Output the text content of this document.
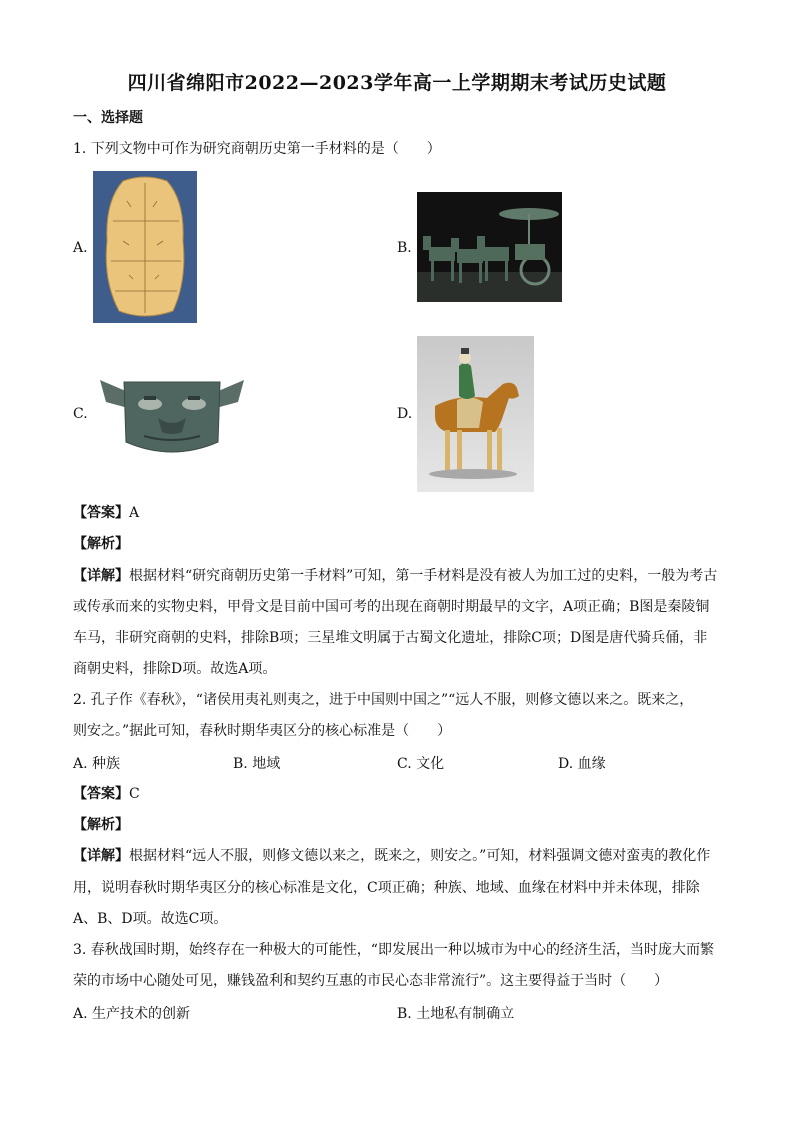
四川省绵阳市2022—2023学年高一上学期期末考试历史试题
一、选择题
1. 下列文物中可作为研究商朝历史第一手材料的是（　　）
A.	B.
C.	D.
【答案】A
【解析】
【详解】根据材料“研究商朝历史第一手材料”可知，第一手材料是没有被人为加工过的史料，一般为考古
或传承而来的实物史料，甲骨文是目前中国可考的出现在商朝时期最早的文字，A项正确；B图是秦陵铜
车马，非研究商朝的史料，排除B项；三星堆文明属于古蜀文化遗址，排除C项；D图是唐代骑兵俑，非
商朝史料，排除D项。故选A项。
2. 孔子作《春秋》，“诸侯用夷礼则夷之，进于中国则中国之”“远人不服，则修文德以来之。既来之，
则安之。”据此可知，春秋时期华夷区分的核心标准是（　　）
A. 种族	B. 地域	C. 文化	D. 血缘
【答案】C
【解析】
【详解】根据材料“远人不服，则修文德以来之，既来之，则安之。”可知，材料强调文德对蛮夷的教化作
用，说明春秋时期华夷区分的核心标准是文化，C项正确；种族、地域、血缘在材料中并未体现，排除
A、B、D项。故选C项。
3. 春秋战国时期，始终存在一种极大的可能性，“即发展出一种以城市为中心的经济生活，当时庞大而繁
荣的市场中心随处可见，赚钱盈利和契约互惠的市民心态非常流行”。这主要得益于当时（　　）
A. 生产技术的创新	B. 土地私有制确立
